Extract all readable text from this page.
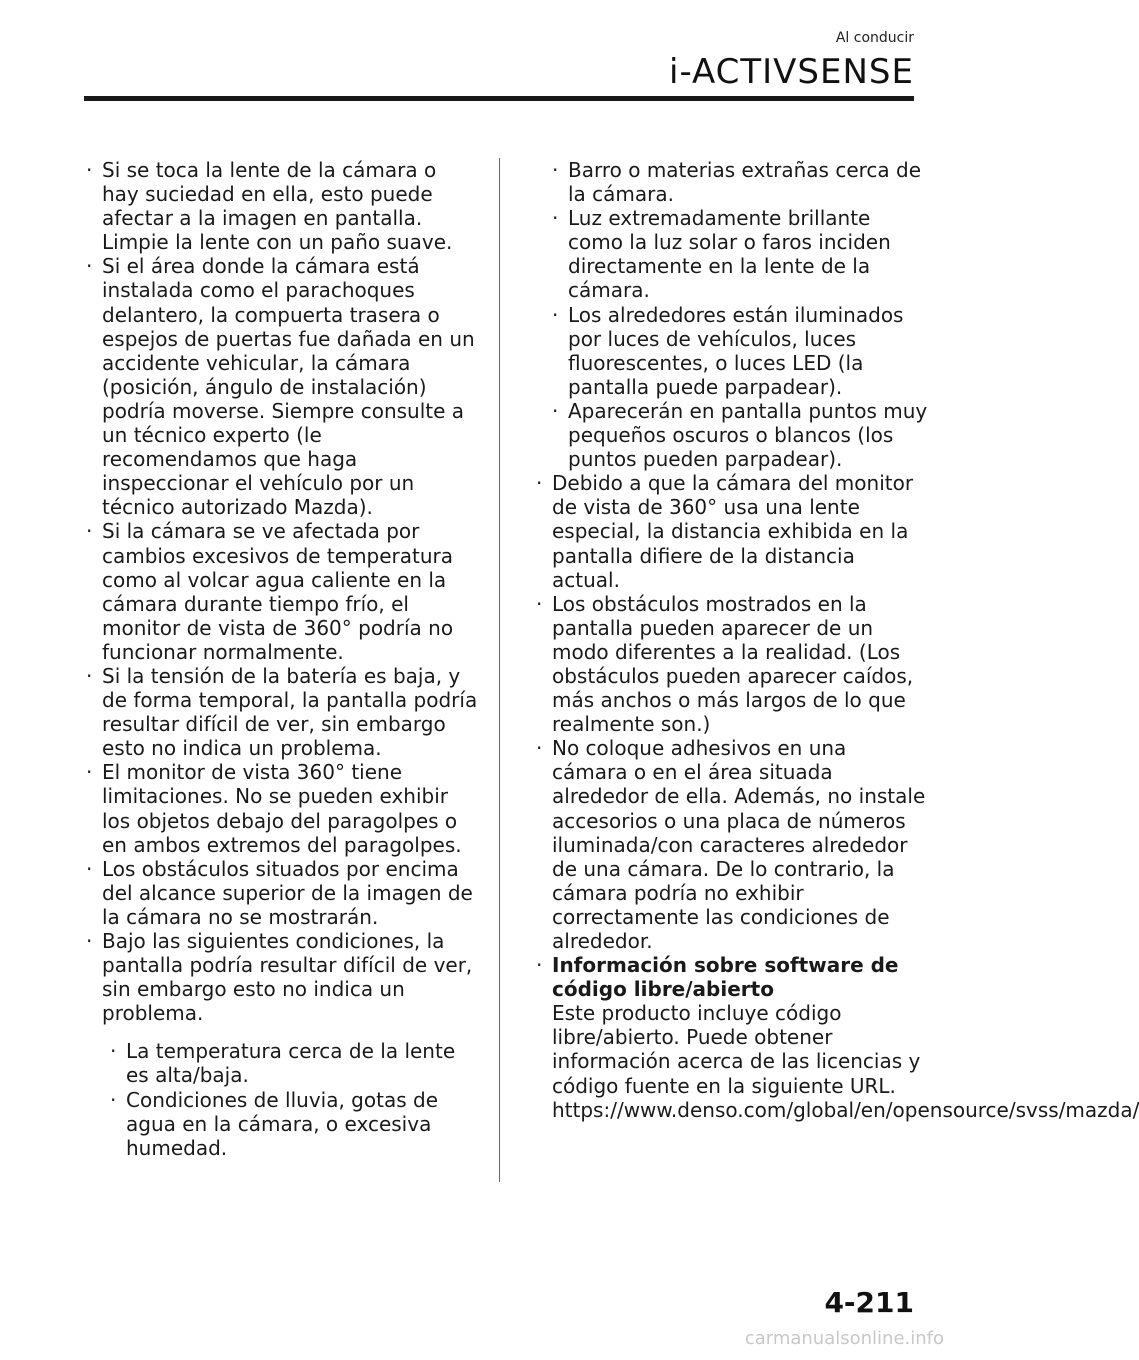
Al conducir
i-ACTIVSENSE
· Si se toca la lente de la cámara o hay suciedad en ella, esto puede afectar a la imagen en pantalla. Limpie la lente con un paño suave.
· Si el área donde la cámara está instalada como el parachoques delantero, la compuerta trasera o espejos de puertas fue dañada en un accidente vehicular, la cámara (posición, ángulo de instalación) podría moverse. Siempre consulte a un técnico experto (le recomendamos que haga inspeccionar el vehículo por un técnico autorizado Mazda).
· Si la cámara se ve afectada por cambios excesivos de temperatura como al volcar agua caliente en la cámara durante tiempo frío, el monitor de vista de 360° podría no funcionar normalmente.
· Si la tensión de la batería es baja, y de forma temporal, la pantalla podría resultar difícil de ver, sin embargo esto no indica un problema.
· El monitor de vista 360° tiene limitaciones. No se pueden exhibir los objetos debajo del paragolpes o en ambos extremos del paragolpes.
· Los obstáculos situados por encima del alcance superior de la imagen de la cámara no se mostrarán.
· Bajo las siguientes condiciones, la pantalla podría resultar difícil de ver, sin embargo esto no indica un problema.
· La temperatura cerca de la lente es alta/baja.
· Condiciones de lluvia, gotas de agua en la cámara, o excesiva humedad.
· Barro o materias extrañas cerca de la cámara.
· Luz extremadamente brillante como la luz solar o faros inciden directamente en la lente de la cámara.
· Los alrededores están iluminados por luces de vehículos, luces fluorescentes, o luces LED (la pantalla puede parpadear).
· Aparecerán en pantalla puntos muy pequeños oscuros o blancos (los puntos pueden parpadear).
· Debido a que la cámara del monitor de vista de 360° usa una lente especial, la distancia exhibida en la pantalla difiere de la distancia actual.
· Los obstáculos mostrados en la pantalla pueden aparecer de un modo diferentes a la realidad. (Los obstáculos pueden aparecer caídos, más anchos o más largos de lo que realmente son.)
· No coloque adhesivos en una cámara o en el área situada alrededor de ella. Además, no instale accesorios o una placa de números iluminada/con caracteres alrededor de una cámara. De lo contrario, la cámara podría no exhibir correctamente las condiciones de alrededor.
· Información sobre software de código libre/abierto
Este producto incluye código libre/abierto. Puede obtener información acerca de las licencias y código fuente en la siguiente URL.
https://www.denso.com/global/en/opensource/svss/mazda/
4-211
carmanualsonline.info
